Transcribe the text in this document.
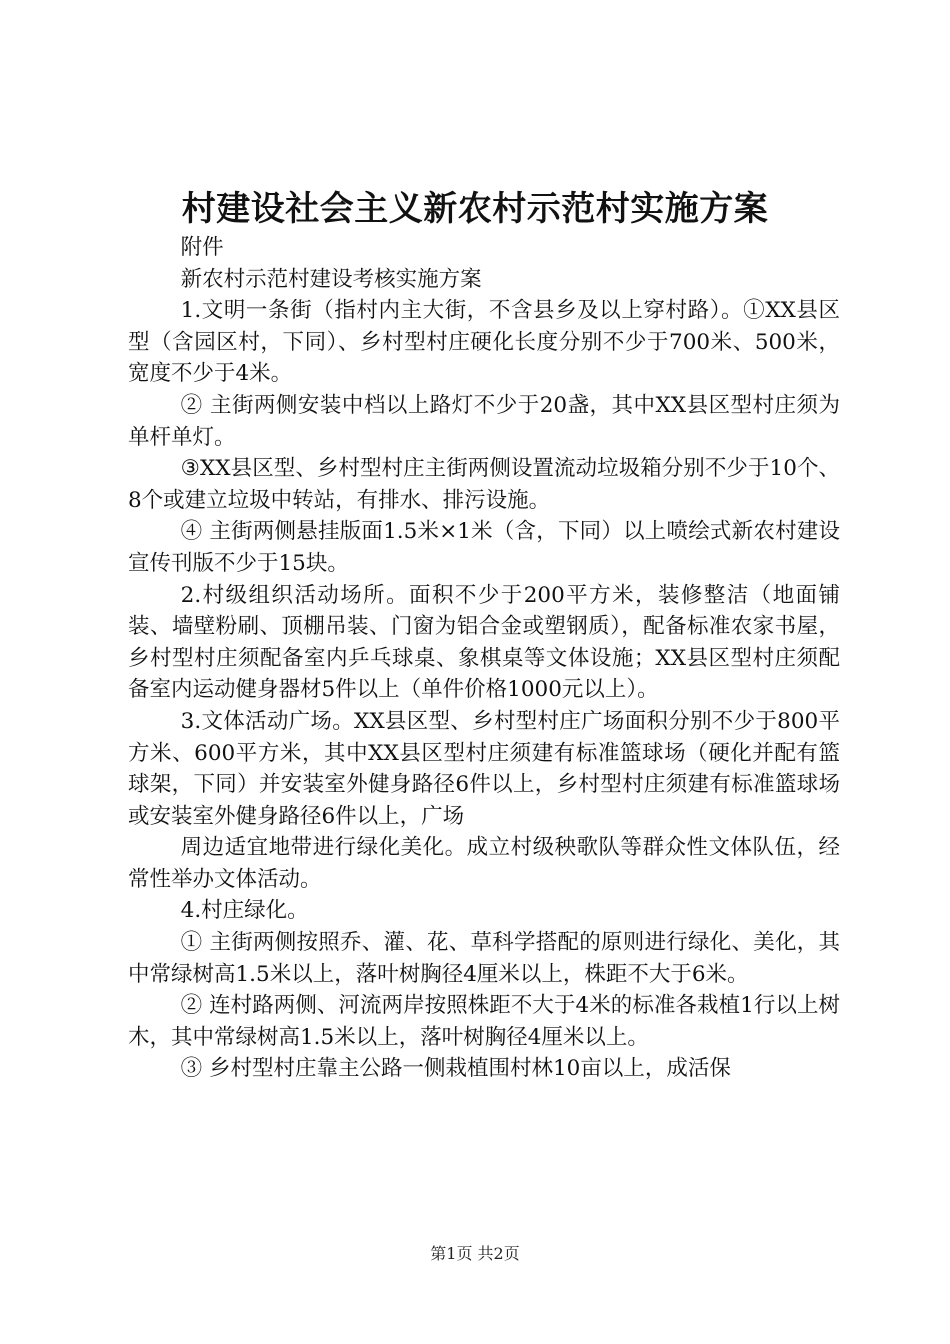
村建设社会主义新农村示范村实施方案

附件

新农村示范村建设考核实施方案

1.文明一条街（指村内主大街，不含县乡及以上穿村路）。①XX县区型（含园区村，下同）、乡村型村庄硬化长度分别不少于700米、500米，宽度不少于4米。

② 主街两侧安装中档以上路灯不少于20盏，其中XX县区型村庄须为单杆单灯。

③XX县区型、乡村型村庄主街两侧设置流动垃圾箱分别不少于10个、8个或建立垃圾中转站，有排水、排污设施。

④ 主街两侧悬挂版面1.5米×1米（含，下同）以上喷绘式新农村建设宣传刊版不少于15块。

2.村级组织活动场所。面积不少于200平方米，装修整洁（地面铺装、墙壁粉刷、顶棚吊装、门窗为铝合金或塑钢质），配备标准农家书屋，乡村型村庄须配备室内乒乓球桌、象棋桌等文体设施；XX县区型村庄须配备室内运动健身器材5件以上（单件价格1000元以上）。

3.文体活动广场。XX县区型、乡村型村庄广场面积分别不少于800平方米、600平方米，其中XX县区型村庄须建有标准篮球场（硬化并配有篮球架，下同）并安装室外健身路径6件以上，乡村型村庄须建有标准篮球场或安装室外健身路径6件以上，广场

周边适宜地带进行绿化美化。成立村级秧歌队等群众性文体队伍，经常性举办文体活动。

4.村庄绿化。

① 主街两侧按照乔、灌、花、草科学搭配的原则进行绿化、美化，其中常绿树高1.5米以上，落叶树胸径4厘米以上，株距不大于6米。

② 连村路两侧、河流两岸按照株距不大于4米的标准各栽植1行以上树木，其中常绿树高1.5米以上，落叶树胸径4厘米以上。

③ 乡村型村庄靠主公路一侧栽植围村林10亩以上，成活保

第1页 共2页
